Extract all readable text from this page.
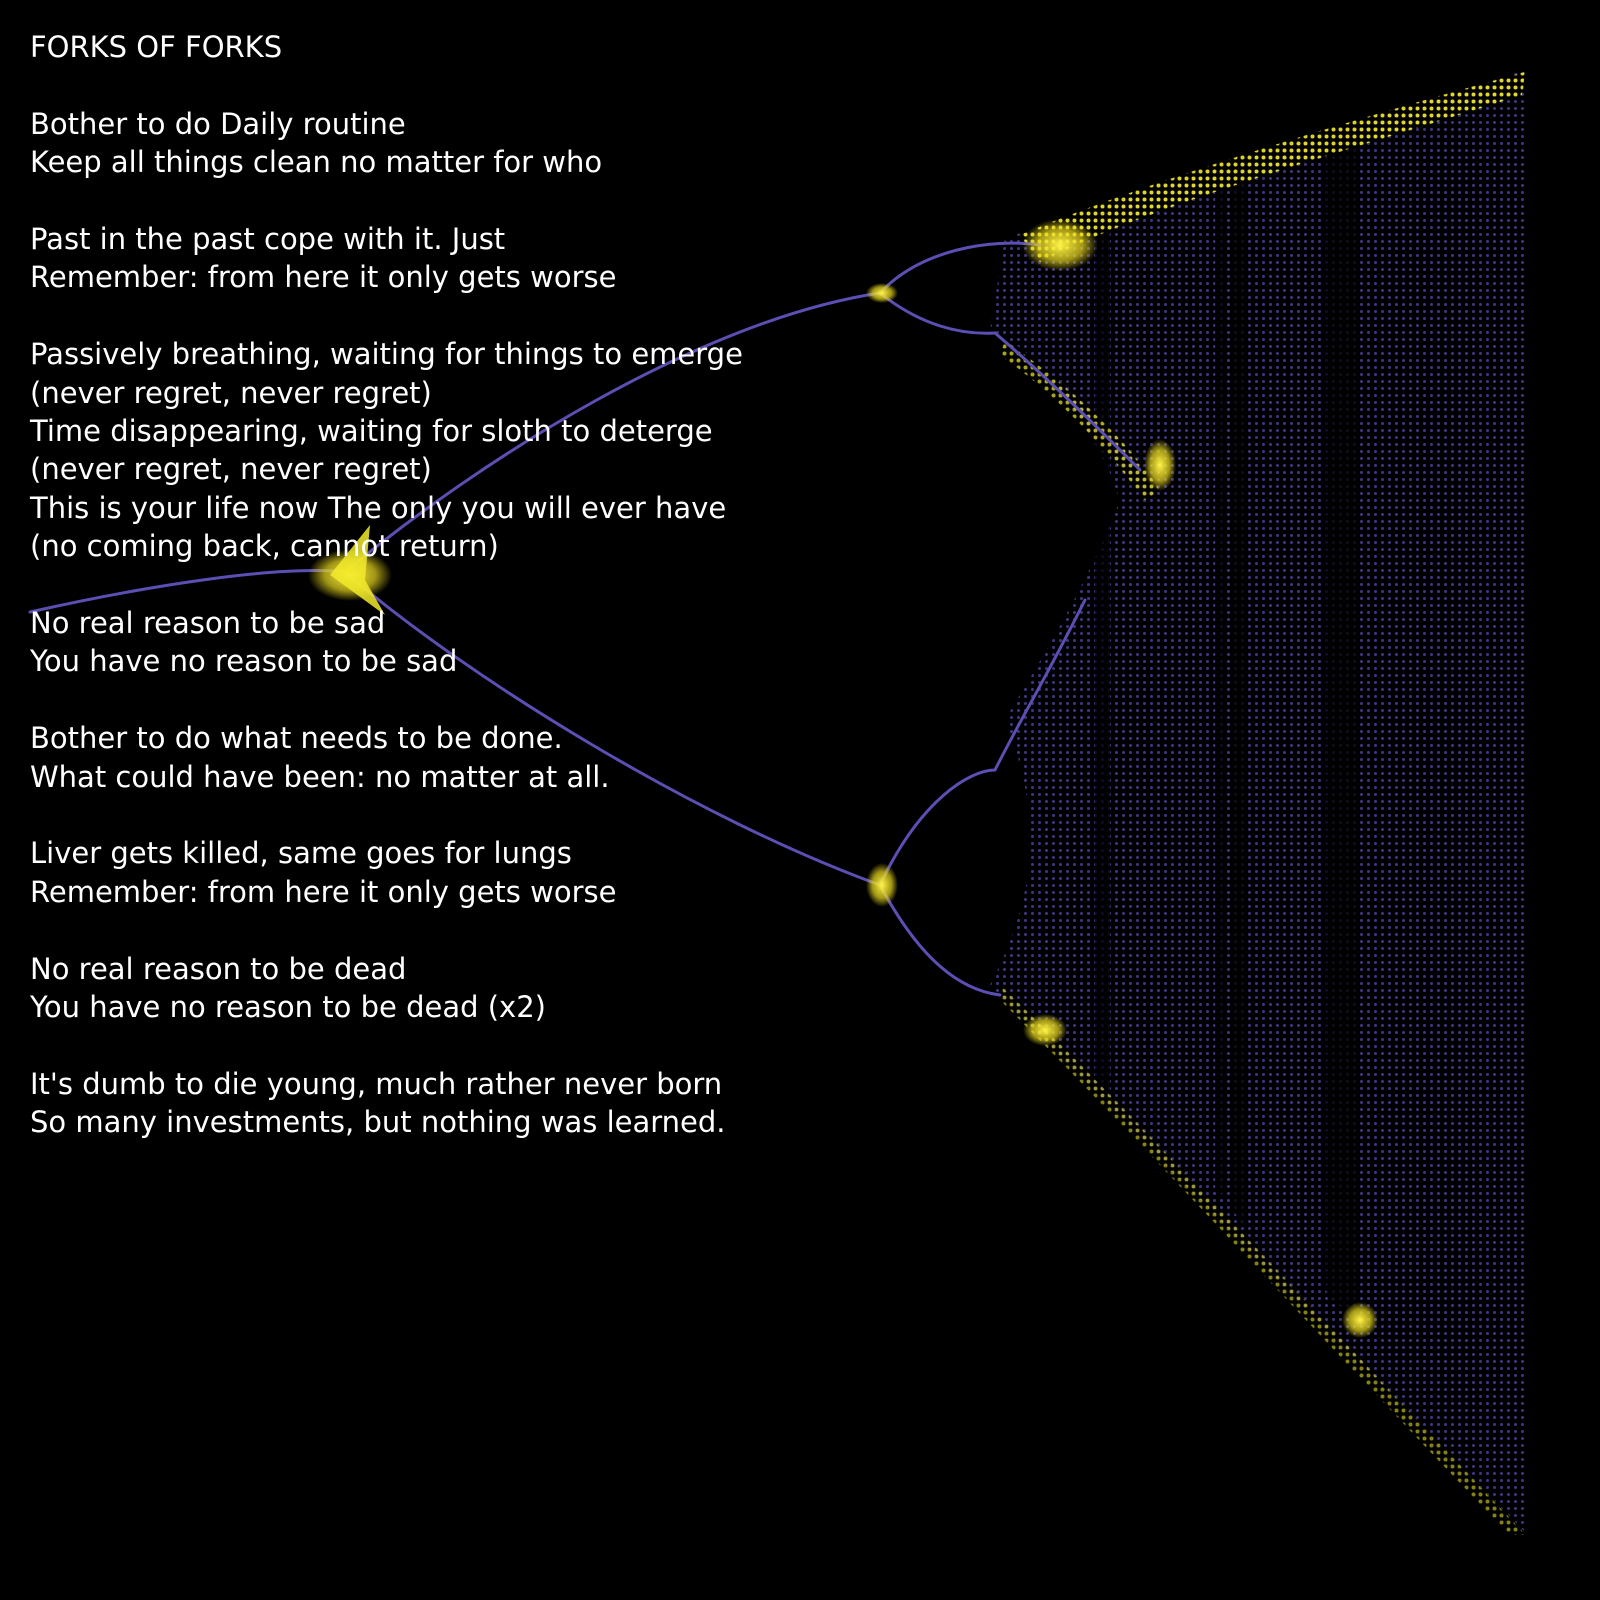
FORKS OF FORKS
Bother to do Daily routine
Keep all things clean no matter for who
Past in the past cope with it. Just
Remember: from here it only gets worse
Passively breathing, waiting for things to emerge
(never regret, never regret)
Time disappearing, waiting for sloth to deterge
(never regret, never regret)
This is your life now The only you will ever have
(no coming back, cannot return)
No real reason to be sad
You have no reason to be sad
Bother to do what needs to be done.
What could have been: no matter at all.
Liver gets killed, same goes for lungs
Remember: from here it only gets worse
No real reason to be dead
You have no reason to be dead (x2)
It's dumb to die young, much rather never born
So many investments, but nothing was learned.
